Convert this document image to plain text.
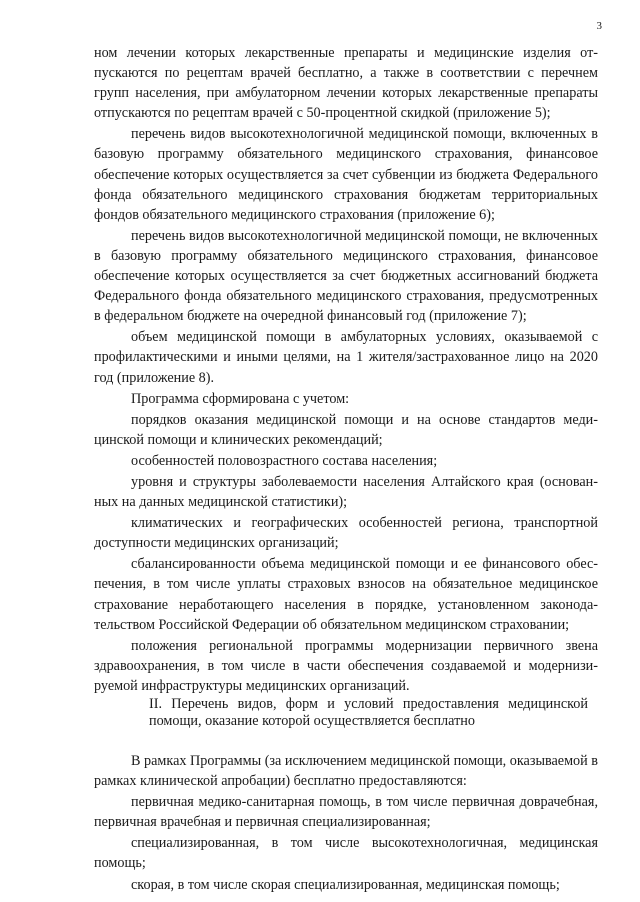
3

ном лечении которых лекарственные препараты и медицинские изделия отпускаются по рецептам врачей бесплатно, а также в соответствии с перечнем групп населения, при амбулаторном лечении которых лекарственные препараты отпускаются по рецептам врачей с 50-процентной скидкой (приложение 5);

перечень видов высокотехнологичной медицинской помощи, включенных в базовую программу обязательного медицинского страхования, финансовое обеспечение которых осуществляется за счет субвенции из бюджета Федерального фонда обязательного медицинского страхования бюджетам территориальных фондов обязательного медицинского страхования (приложение 6);

перечень видов высокотехнологичной медицинской помощи, не включенных в базовую программу обязательного медицинского страхования, финансовое обеспечение которых осуществляется за счет бюджетных ассигнований бюджета Федерального фонда обязательного медицинского страхования, предусмотренных в федеральном бюджете на очередной финансовый год (приложение 7);

объем медицинской помощи в амбулаторных условиях, оказываемой с профилактическими и иными целями, на 1 жителя/застрахованное лицо на 2020 год (приложение 8).

Программа сформирована с учетом:

порядков оказания медицинской помощи и на основе стандартов медицинской помощи и клинических рекомендаций;

особенностей половозрастного состава населения;

уровня и структуры заболеваемости населения Алтайского края (основанных на данных медицинской статистики);

климатических и географических особенностей региона, транспортной доступности медицинских организаций;

сбалансированности объема медицинской помощи и ее финансового обеспечения, в том числе уплаты страховых взносов на обязательное медицинское страхование неработающего населения в порядке, установленном законодательством Российской Федерации об обязательном медицинском страховании;

положения региональной программы модернизации первичного звена здравоохранения, в том числе в части обеспечения создаваемой и модернизируемой инфраструктуры медицинских организаций.

II. Перечень видов, форм и условий предоставления медицинской помощи, оказание которой осуществляется бесплатно

В рамках Программы (за исключением медицинской помощи, оказываемой в рамках клинической апробации) бесплатно предоставляются:

первичная медико-санитарная помощь, в том числе первичная доврачебная, первичная врачебная и первичная специализированная;

специализированная, в том числе высокотехнологичная, медицинская помощь;

скорая, в том числе скорая специализированная, медицинская помощь;
